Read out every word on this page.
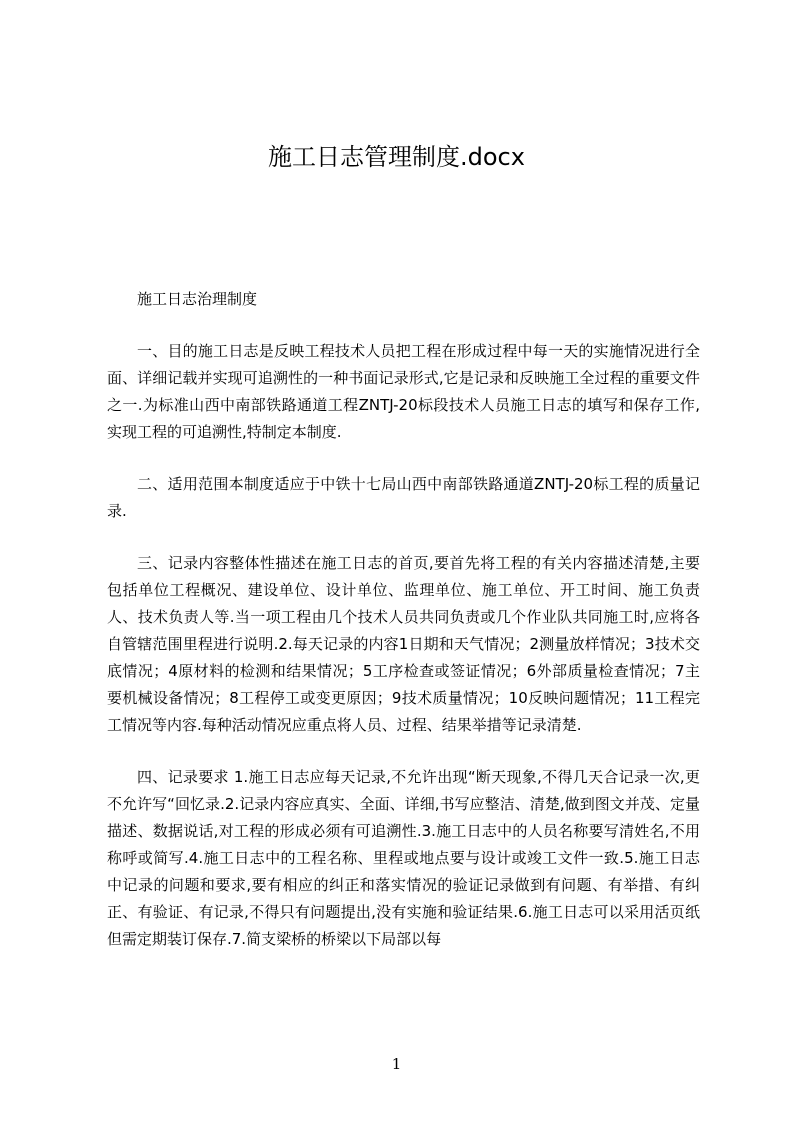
施工日志管理制度.docx

施工日志治理制度

一、目的施工日志是反映工程技术人员把工程在形成过程中每一天的实施情况进行全面、详细记载并实现可追溯性的一种书面记录形式,它是记录和反映施工全过程的重要文件之一.为标准山西中南部铁路通道工程ZNTJ-20标段技术人员施工日志的填写和保存工作,实现工程的可追溯性,特制定本制度.

二、适用范围本制度适应于中铁十七局山西中南部铁路通道ZNTJ-20标工程的质量记录.

三、记录内容整体性描述在施工日志的首页,要首先将工程的有关内容描述清楚,主要包括单位工程概况、建设单位、设计单位、监理单位、施工单位、开工时间、施工负责人、技术负责人等.当一项工程由几个技术人员共同负责或几个作业队共同施工时,应将各自管辖范围里程进行说明.2.每天记录的内容1日期和天气情况；2测量放样情况；3技术交底情况；4原材料的检测和结果情况；5工序检查或签证情况；6外部质量检查情况；7主要机械设备情况；8工程停工或变更原因；9技术质量情况；10反映问题情况；11工程完工情况等内容.每种活动情况应重点将人员、过程、结果举措等记录清楚.

四、记录要求 1.施工日志应每天记录,不允许出现“断天现象,不得几天合记录一次,更不允许写“回忆录.2.记录内容应真实、全面、详细,书写应整洁、清楚,做到图文并茂、定量描述、数据说话,对工程的形成必须有可追溯性.3.施工日志中的人员名称要写清姓名,不用称呼或简写.4.施工日志中的工程名称、里程或地点要与设计或竣工文件一致.5.施工日志中记录的问题和要求,要有相应的纠正和落实情况的验证记录做到有问题、有举措、有纠正、有验证、有记录,不得只有问题提出,没有实施和验证结果.6.施工日志可以采用活页纸但需定期装订保存.7.简支梁桥的桥梁以下局部以每

1
